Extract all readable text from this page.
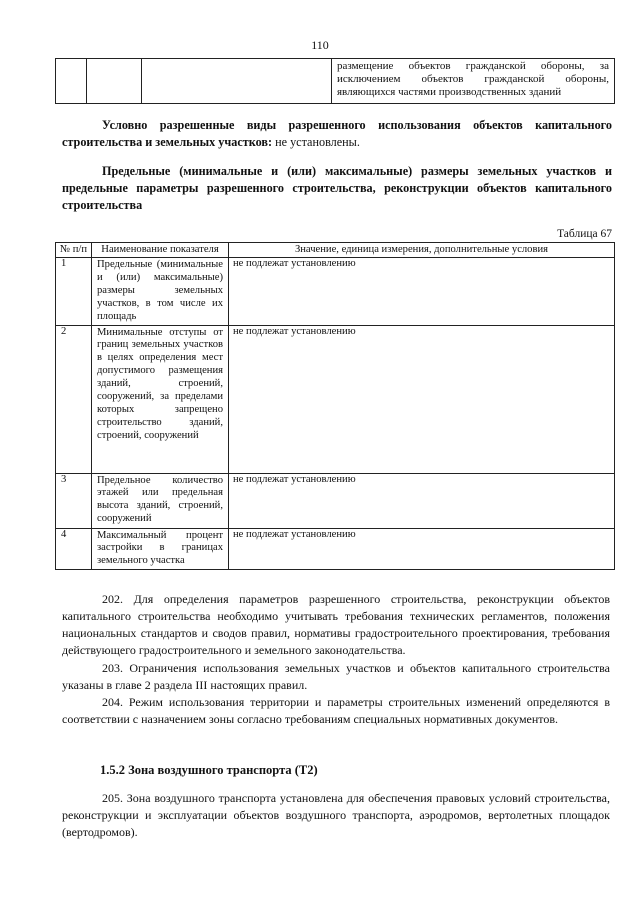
110
			размещение объектов гражданской обороны, за исключением объектов гражданской обороны, являющихся частями производственных зданий
Условно разрешенные виды разрешенного использования объектов капитального строительства и земельных участков: не установлены.
Предельные (минимальные и (или) максимальные) размеры земельных участков и предельные параметры разрешенного строительства, реконструкции объектов капитального строительства
Таблица 67
№ п/п	Наименование показателя	Значение, единица измерения, дополнительные условия
1	Предельные (минимальные и (или) максимальные) размеры земельных участков, в том числе их площадь	не подлежат установлению
2	Минимальные отступы от границ земельных участков в целях определения мест допустимого размещения зданий, строений, сооружений, за пределами которых запрещено строительство зданий, строений, сооружений	не подлежат установлению
3	Предельное количество этажей или предельная высота зданий, строений, сооружений	не подлежат установлению
4	Максимальный процент застройки в границах земельного участка	не подлежат установлению
202. Для определения параметров разрешенного строительства, реконструкции объектов капитального строительства необходимо учитывать требования технических регламентов, положения национальных стандартов и сводов правил, нормативы градостроительного проектирования, требования действующего градостроительного и земельного законодательства.
203. Ограничения использования земельных участков и объектов капитального строительства указаны в главе 2 раздела III настоящих правил.
204. Режим использования территории и параметры строительных изменений определяются в соответствии с назначением зоны согласно требованиям специальных нормативных документов.
1.5.2 Зона воздушного транспорта (Т2)
205. Зона воздушного транспорта установлена для обеспечения правовых условий строительства, реконструкции и эксплуатации объектов воздушного транспорта, аэродромов, вертолетных площадок (вертодромов).
